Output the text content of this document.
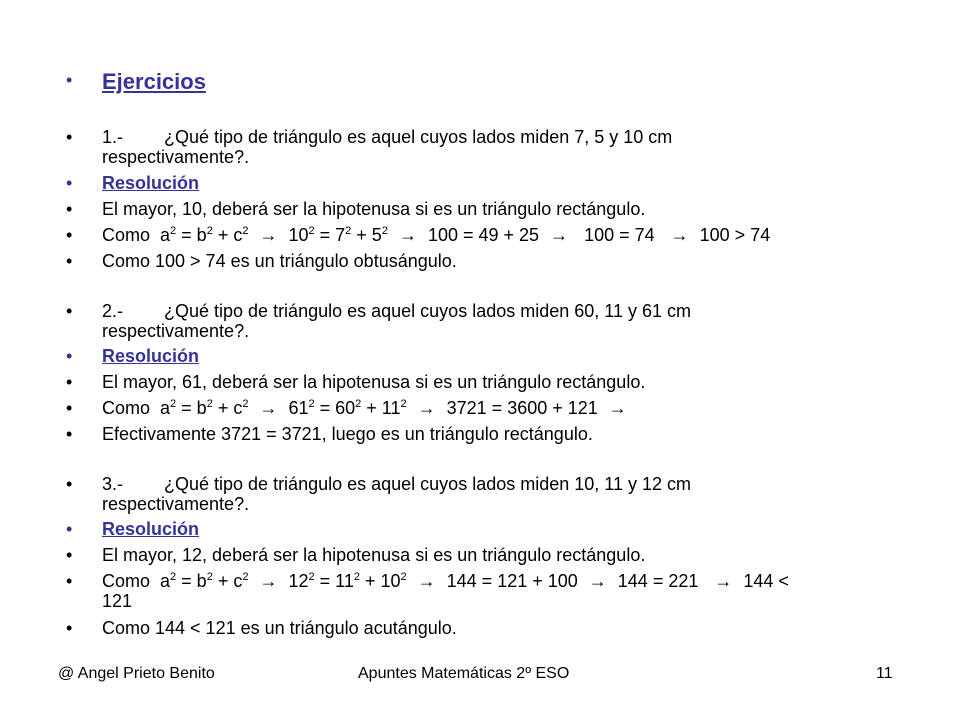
•	Ejercicios
•	1.- ¿Qué tipo de triángulo es aquel cuyos lados miden 7, 5 y 10 cm
respectivamente?.
•	Resolución
•	El mayor, 10, deberá ser la hipotenusa si es un triángulo rectángulo.
•	Como  $a^2 = b^2 + c^2 \to 10^2 = 7^2 + 5^2 \to 100 = 49 + 25 \to 100 = 74 \to 100 > 74$
•	Como 100 > 74 es un triángulo obtusángulo.
•	2.- ¿Qué tipo de triángulo es aquel cuyos lados miden 60, 11 y 61 cm
respectivamente?.
•	Resolución
•	El mayor, 61, deberá ser la hipotenusa si es un triángulo rectángulo.
•	Como  $a^2 = b^2 + c^2 \to 61^2 = 60^2 + 11^2 \to 3721 = 3600 + 121$ →
•	Efectivamente 3721 = 3721, luego es un triángulo rectángulo.
•	3.- ¿Qué tipo de triángulo es aquel cuyos lados miden 10, 11 y 12 cm
respectivamente?.
•	Resolución
•	El mayor, 12, deberá ser la hipotenusa si es un triángulo rectángulo.
•	Como  $a^2 = b^2 + c^2 \to 12^2 = 11^2 + 10^2 \to 144 = 121 + 100 \to 144 = 221 \to 144$ <
121
•	Como 144 < 121 es un triángulo acutángulo.
@ Angel Prieto Benito	Apuntes Matemáticas 2º ESO	11
